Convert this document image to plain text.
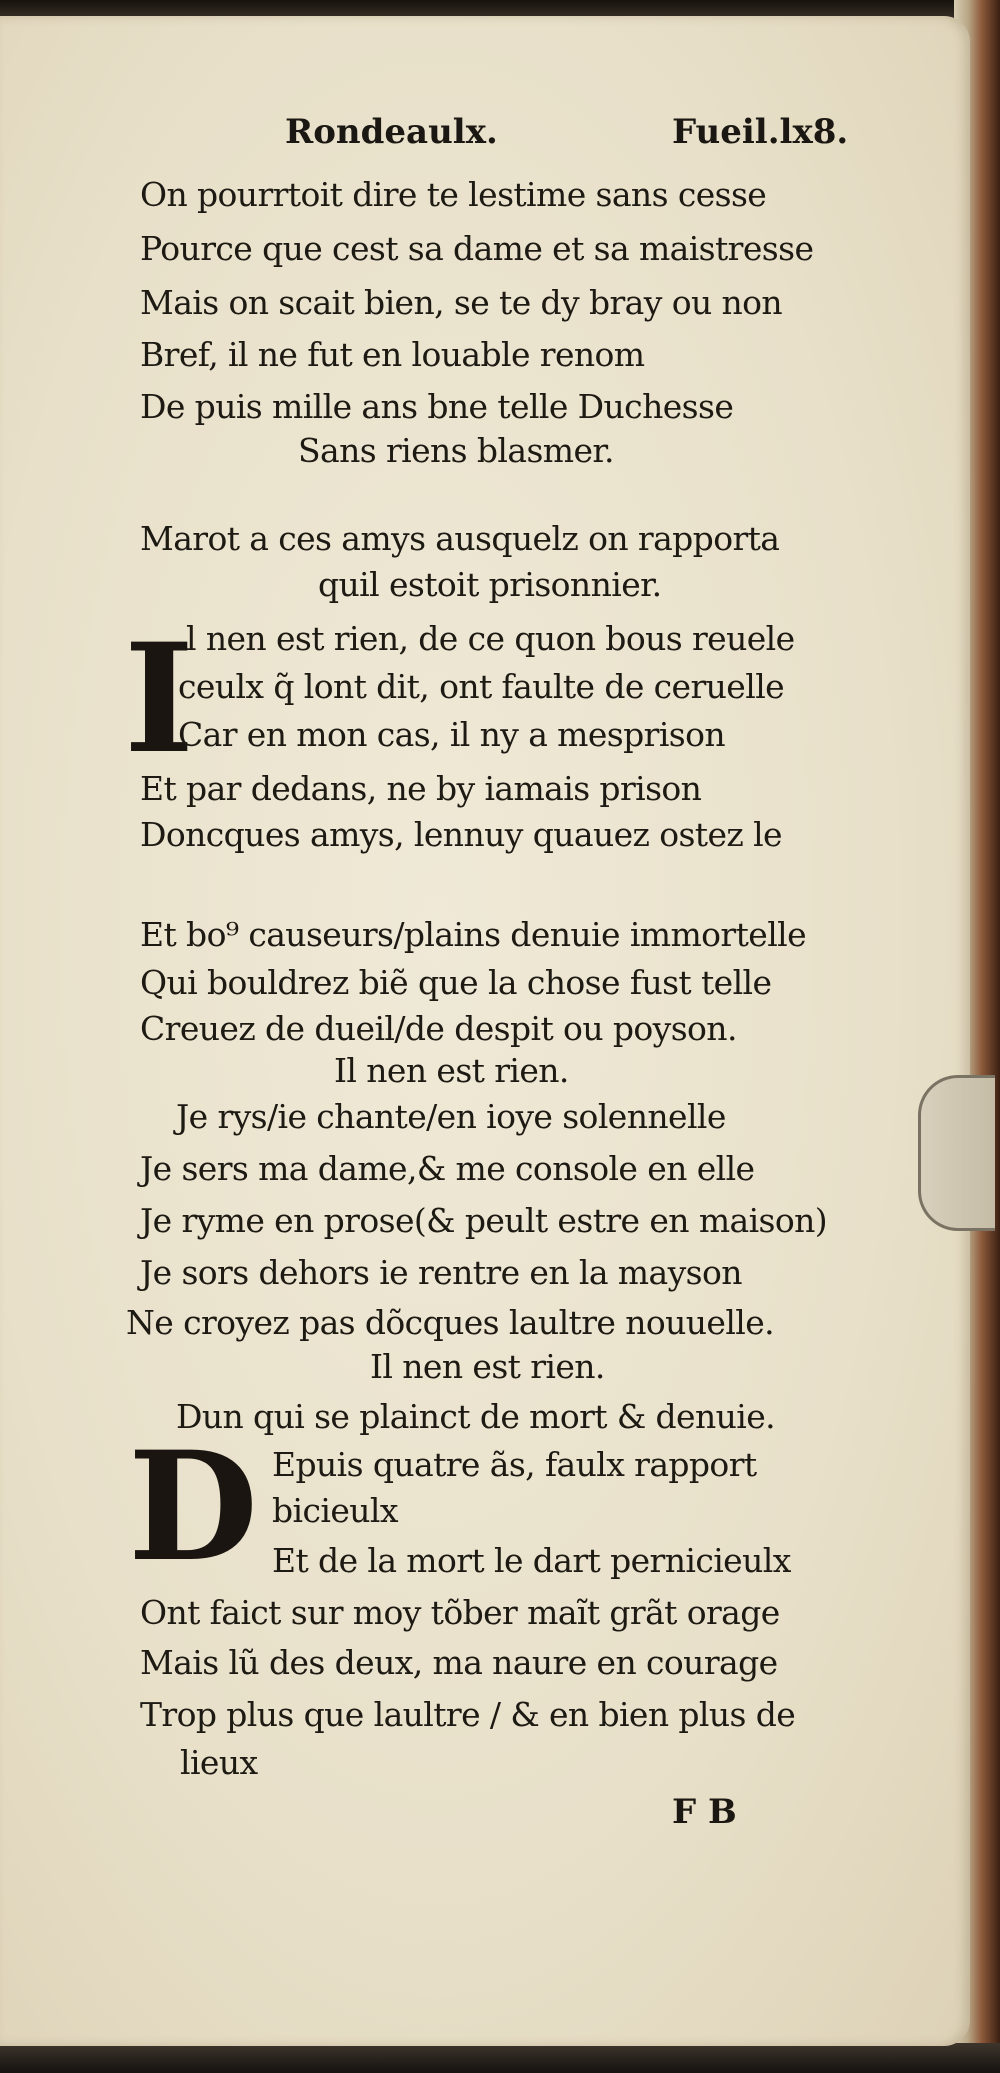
Rondeaulx.	Fueil.lx8.
On pourrtoit dire te lestime sans cesse
Pource que cest sa dame et sa maistresse
Mais on scait bien, se te dy bray ou non
Bref, il ne fut en louable renom
De puis mille ans bne telle Duchesse
Sans riens blasmer.
Marot a ces amys ausquelz on rapporta
quil estoit prisonnier.
I
l nen est rien, de ce quon bous reuele
ceulx q̃ lont dit, ont faulte de ceruelle
Car en mon cas, il ny a mesprison
Et par dedans, ne by iamais prison
Doncques amys, lennuy quauez ostez le
Et bo⁹ causeurs/plains denuie immortelle
Qui bouldrez biẽ que la chose fust telle
Creuez de dueil/de despit ou poyson.
Il nen est rien.
Je rys/ie chante/en ioye solennelle
Je sers ma dame,& me console en elle
Je ryme en prose(& peult estre en maison)
Je sors dehors ie rentre en la mayson
Ne croyez pas dõcques laultre nouuelle.
Il nen est rien.
Dun qui se plainct de mort & denuie.
D Epuis quatre ãs, faulx rapport
bicieulx
Et de la mort le dart pernicieulx
Ont faict sur moy tõber maĩt grãt orage
Mais lũ des deux, ma naure en courage
Trop plus que laultre / & en bien plus de
lieux
F B
